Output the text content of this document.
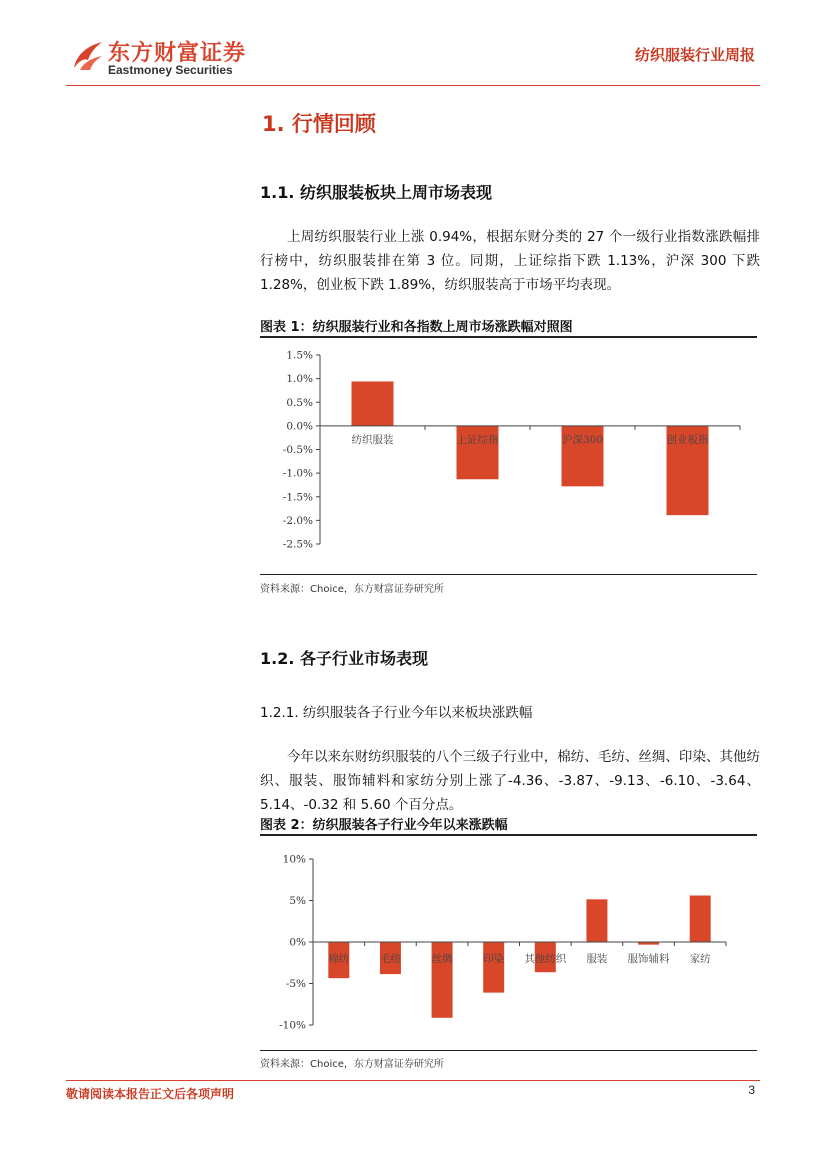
东方财富证券
Eastmoney Securities
纺织服装行业周报
1. 行情回顾
1.1. 纺织服装板块上周市场表现

上周纺织服装行业上涨 0.94%，根据东财分类的 27 个一级行业指数涨跌幅排行榜中，纺织服装排在第 3 位。同期，上证综指下跌 1.13%，沪深 300 下跌 1.28%，创业板下跌 1.89%，纺织服装高于市场平均表现。

图表 1：纺织服装行业和各指数上周市场涨跌幅对照图
1.5%
1.0%
0.5%
0.0%
-0.5%
-1.0%
-1.5%
-2.0%
-2.5%
纺织服装	上证综指	沪深300	创业板指
资料来源：Choice，东方财富证券研究所
1.2. 各子行业市场表现
1.2.1. 纺织服装各子行业今年以来板块涨跌幅

今年以来东财纺织服装的八个三级子行业中，棉纺、毛纺、丝绸、印染、其他纺织、服装、服饰辅料和家纺分别上涨了-4.36、-3.87、-9.13、-6.10、-3.64、5.14、-0.32 和 5.60 个百分点。

图表 2：纺织服装各子行业今年以来涨跌幅
10%
5%
0%
-5%
-10%
棉纺	毛纺	丝绸	印染 其他纺织 服装 服饰辅料 家纺
资料来源：Choice，东方财富证券研究所
敬请阅读本报告正文后各项声明	3
